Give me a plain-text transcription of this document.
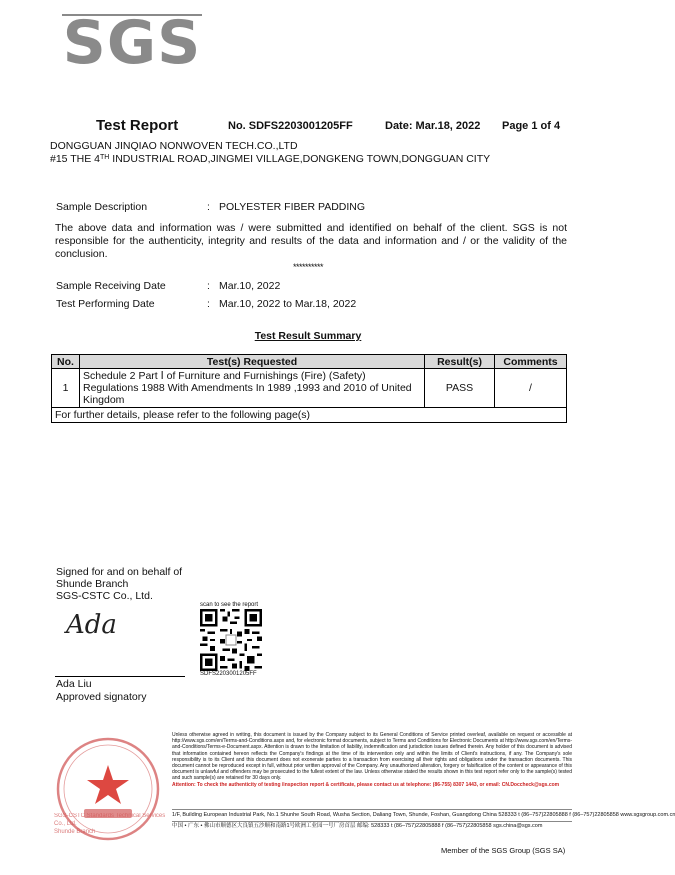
SGS
Test Report	No. SDFS2203001205FF	Date: Mar.18, 2022 Page 1 of 4
DONGGUAN JINQIAO NONWOVEN TECH.CO.,LTD
#15 THE 4TH INDUSTRIAL ROAD,JINGMEI VILLAGE,DONGKENG TOWN,DONGGUAN CITY
Sample Description	: POLYESTER FIBER PADDING
The above data and information was / were submitted and identified on behalf of the client. SGS is not responsible for the authenticity, integrity and results of the data and information and / or the validity of the conclusion.
**********
Sample Receiving Date	: Mar.10, 2022
Test Performing Date	: Mar.10, 2022 to Mar.18, 2022
Test Result Summary
No.	Test(s) Requested	Result(s)	Comments
1	Schedule 2 Part Ⅰ of Furniture and Furnishings (Fire) (Safety)
Regulations 1988 With Amendments In 1989 ,1993 and 2010 of United
Kingdom	PASS	/
For further details, please refer to the following page(s)			
Signed for and on behalf of
Shunde Branch
SGS-CSTC Co., Ltd.
Ada
Ada Liu
Approved signatory
scan to see the report
SDFS2203001205FF
SGS-CSTC Standards Technical Services Co., Ltd.
Shunde Branch
Unless otherwise agreed in writing, this document is issued by the Company subject to its General Conditions of Service printed overleaf, available on request or accessible at http://www.sgs.com/en/Terms-and-Conditions.aspx and, for electronic format documents, subject to Terms and Conditions for Electronic Documents at http://www.sgs.com/en/Terms-and-Conditions/Terms-e-Document.aspx. Attention is drawn to the limitation of liability, indemnification and jurisdiction issues defined therein. Any holder of this document is advised that information contained hereon reflects the Company's findings at the time of its intervention only and within the limits of Client's instructions, if any. The Company's sole responsibility is to its Client and this document does not exonerate parties to a transaction from exercising all their rights and obligations under the transaction documents. This document cannot be reproduced except in full, without prior written approval of the Company. Any unauthorized alteration, forgery or falsification of the content or appearance of this document is unlawful and offenders may be prosecuted to the fullest extent of the law. Unless otherwise stated the results shown in this test report refer only to the sample(s) tested and such sample(s) are retained for 30 days only.
Attention: To check the authenticity of testing /inspection report & certificate, please contact us at telephone: (86-755) 8307 1443, or email: CN.Doccheck@sgs.com
1/F, Building European Industrial Park, No.1 Shunhe South Road, Wusha Section, Daliang Town, Shunde, Foshan, Guangdong China 528333 t (86–757)22805888 f (86–757)22805858 www.sgsgroup.com.cn
中国 • 广东 • 佛山市顺德区大良镇五沙顺和南路1号欧洲工业园一号厂房首层 邮编: 528333 t (86–757)22805888 f (86–757)22805858 sgs.china@sgs.com
Member of the SGS Group (SGS SA)
